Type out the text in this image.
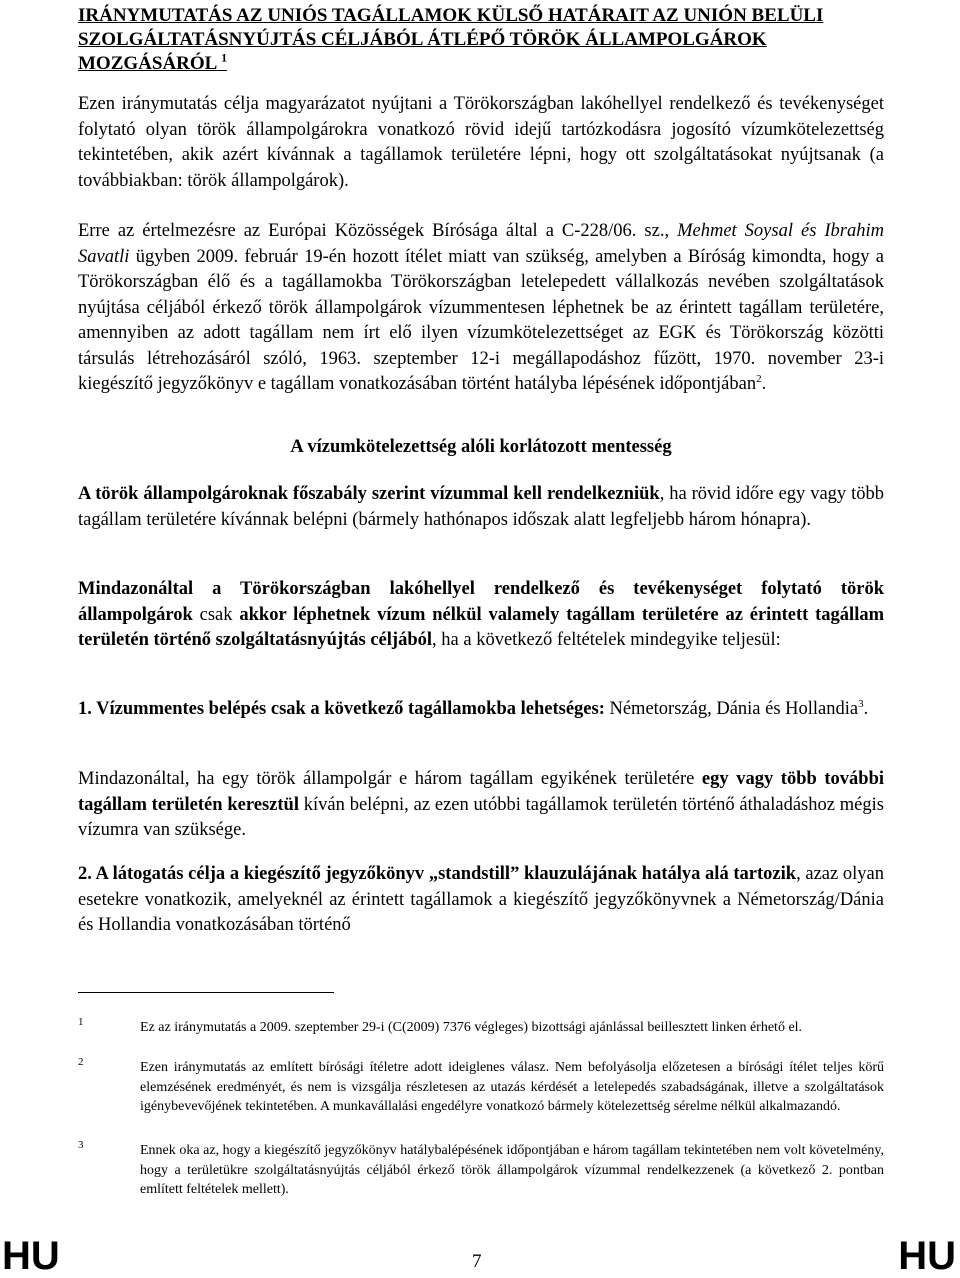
IRÁNYMUTATÁS AZ UNIÓS TAGÁLLAMOK KÜLSŐ HATÁRAIT AZ UNIÓN BELÜLI SZOLGÁLTATÁSNYÚJTÁS CÉLJÁBÓL ÁTLÉPŐ TÖRÖK ÁLLAMPOLGÁROK MOZGÁSÁRÓL $^1$

Ezen iránymutatás célja magyarázatot nyújtani a Törökországban lakóhellyel rendelkező és tevékenységet folytató olyan török állampolgárokra vonatkozó rövid idejű tartózkodásra jogosító vízumkötelezettség tekintetében, akik azért kívánnak a tagállamok területére lépni, hogy ott szolgáltatásokat nyújtsanak (a továbbiakban: török állampolgárok).

Erre az értelmezésre az Európai Közösségek Bírósága által a C-228/06. sz., Mehmet Soysal és Ibrahim Savatli ügyben 2009. február 19-én hozott ítélet miatt van szükség, amelyben a Bíróság kimondta, hogy a Törökországban élő és a tagállamokba Törökországban letelepedett vállalkozás nevében szolgáltatások nyújtása céljából érkező török állampolgárok vízummentesen léphetnek be az érintett tagállam területére, amennyiben az adott tagállam nem írt elő ilyen vízumkötelezettséget az EGK és Törökország közötti társulás létrehozásáról szóló, 1963. szeptember 12-i megállapodáshoz fűzött, 1970. november 23-i kiegészítő jegyzőkönyv e tagállam vonatkozásában történt hatályba lépésének időpontjában$^2$.

A vízumkötelezettség alóli korlátozott mentesség

A török állampolgároknak főszabály szerint vízummal kell rendelkezniük, ha rövid időre egy vagy több tagállam területére kívánnak belépni (bármely hathónapos időszak alatt legfeljebb három hónapra).

Mindazonáltal a Törökországban lakóhellyel rendelkező és tevékenységet folytató török állampolgárok csak akkor léphetnek vízum nélkül valamely tagállam területére az érintett tagállam területén történő szolgáltatásnyújtás céljából, ha a következő feltételek mindegyike teljesül:

1. Vízummentes belépés csak a következő tagállamokba lehetséges: Németország, Dánia és Hollandia$^3$.

Mindazonáltal, ha egy török állampolgár e három tagállam egyikének területére egy vagy több további tagállam területén keresztül kíván belépni, az ezen utóbbi tagállamok területén történő áthaladáshoz mégis vízumra van szüksége.

2. A látogatás célja a kiegészítő jegyzőkönyv „standstill” klauzulájának hatálya alá tartozik, azaz olyan esetekre vonatkozik, amelyeknél az érintett tagállamok a kiegészítő jegyzőkönyvnek a Németország/Dánia és Hollandia vonatkozásában történő

1	Ez az iránymutatás a 2009. szeptember 29-i (C(2009) 7376 végleges) bizottsági ajánlással beillesztett linken érhető el.
2	Ezen iránymutatás az említett bírósági ítéletre adott ideiglenes válasz. Nem befolyásolja előzetesen a bírósági ítélet teljes körű elemzésének eredményét, és nem is vizsgálja részletesen az utazás kérdését a letelepedés szabadságának, illetve a szolgáltatások igénybevevőjének tekintetében. A munkavállalási engedélyre vonatkozó bármely kötelezettség sérelme nélkül alkalmazandó.
3	Ennek oka az, hogy a kiegészítő jegyzőkönyv hatálybalépésének időpontjában e három tagállam tekintetében nem volt követelmény, hogy a területükre szolgáltatásnyújtás céljából érkező török állampolgárok vízummal rendelkezzenek (a következő 2. pontban említett feltételek mellett).
HU	7	HU
